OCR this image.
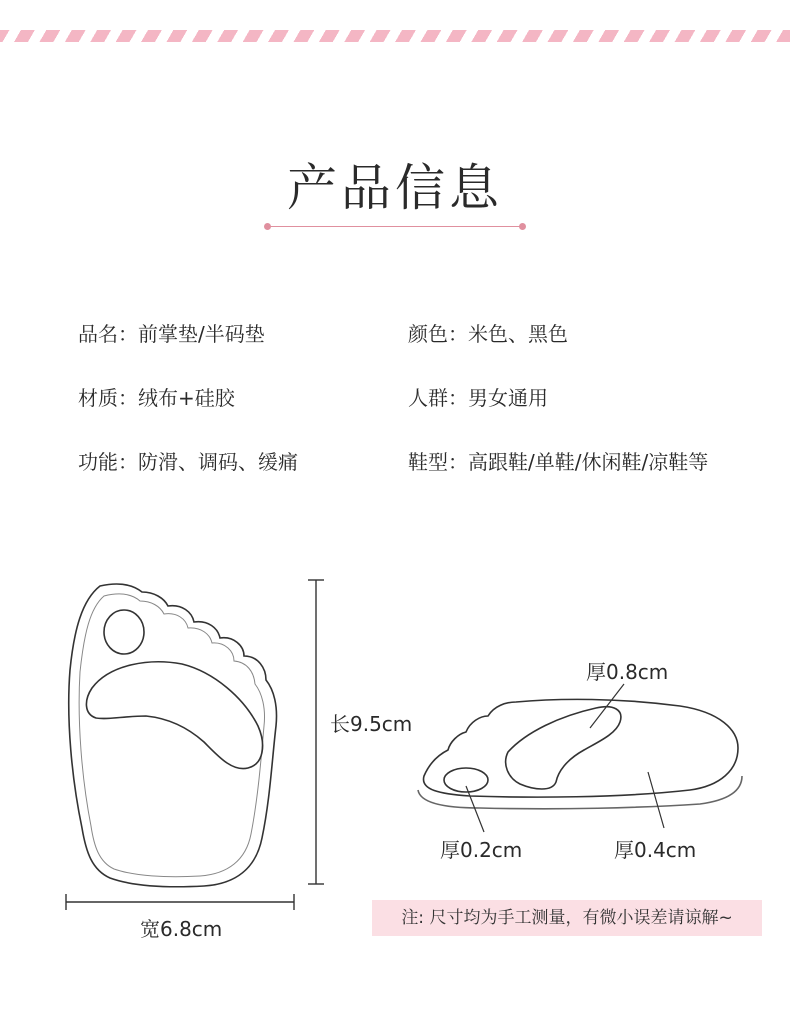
产品信息
品名：前掌垫/半码垫	颜色：米色、黑色
材质：绒布+硅胶	人群：男女通用
功能：防滑、调码、缓痛	鞋型：高跟鞋/单鞋/休闲鞋/凉鞋等
长9.5cm
宽6.8cm
厚0.8cm
厚0.2cm	厚0.4cm
注: 尺寸均为手工测量，有微小误差请谅解~
